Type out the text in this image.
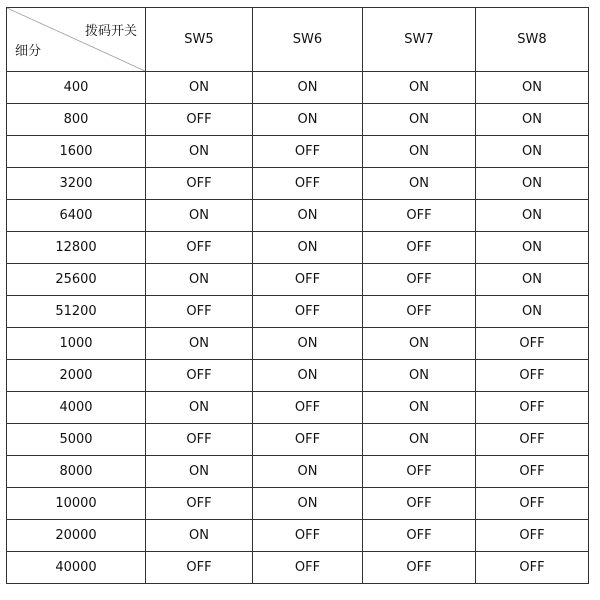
拨码开关
细分	SW5	SW6	SW7	SW8
400	ON	ON	ON	ON
800	OFF	ON	ON	ON
1600	ON	OFF	ON	ON
3200	OFF	OFF	ON	ON
6400	ON	ON	OFF	ON
12800	OFF	ON	OFF	ON
25600	ON	OFF	OFF	ON
51200	OFF	OFF	OFF	ON
1000	ON	ON	ON	OFF
2000	OFF	ON	ON	OFF
4000	ON	OFF	ON	OFF
5000	OFF	OFF	ON	OFF
8000	ON	ON	OFF	OFF
10000	OFF	ON	OFF	OFF
20000	ON	OFF	OFF	OFF
40000	OFF	OFF	OFF	OFF
